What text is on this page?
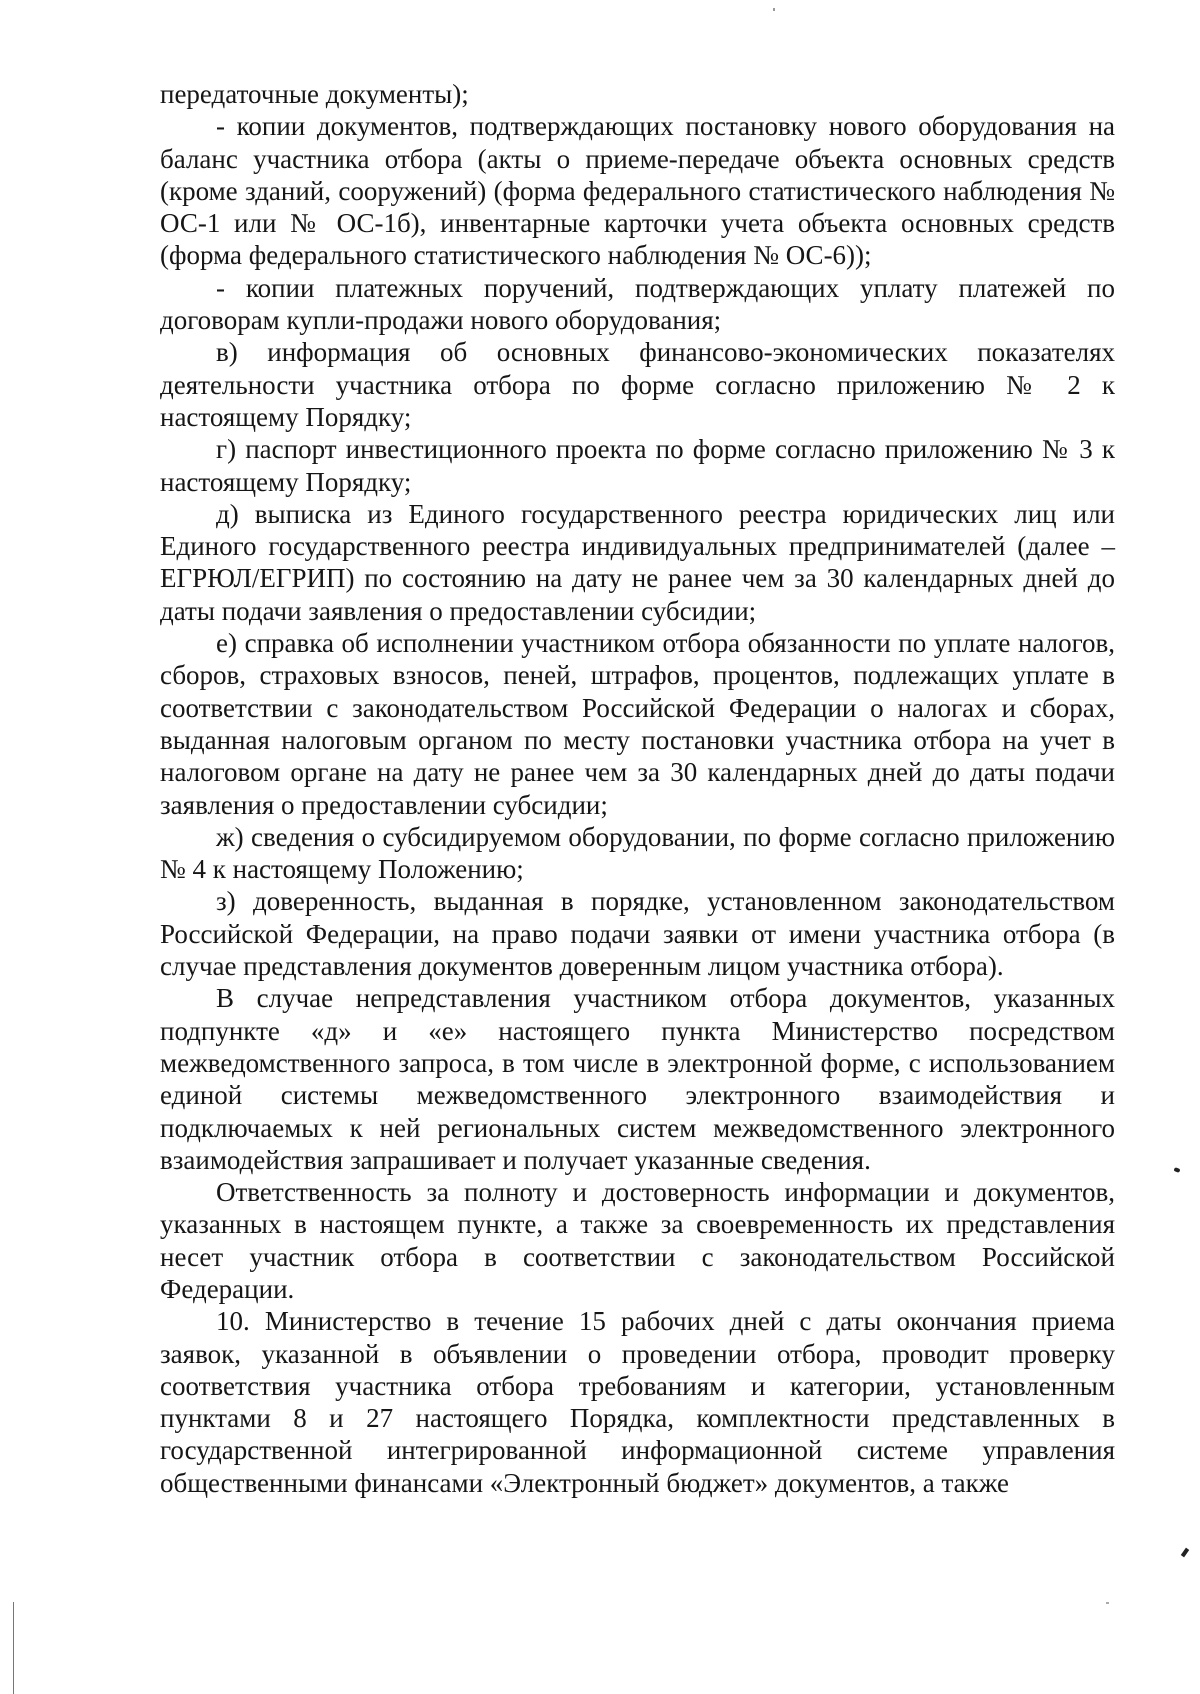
передаточные документы);

- копии документов, подтверждающих постановку нового оборудования на баланс участника отбора (акты о приеме-передаче объекта основных средств (кроме зданий, сооружений) (форма федерального статистического наблюдения № ОС-1 или № ОС-1б), инвентарные карточки учета объекта основных средств (форма федерального статистического наблюдения № ОС-6));

- копии платежных поручений, подтверждающих уплату платежей по договорам купли-продажи нового оборудования;

в) информация об основных финансово-экономических показателях деятельности участника отбора по форме согласно приложению № 2 к настоящему Порядку;

г) паспорт инвестиционного проекта по форме согласно приложению № 3 к настоящему Порядку;

д) выписка из Единого государственного реестра юридических лиц или Единого государственного реестра индивидуальных предпринимателей (далее – ЕГРЮЛ/ЕГРИП) по состоянию на дату не ранее чем за 30 календарных дней до даты подачи заявления о предоставлении субсидии;

е) справка об исполнении участником отбора обязанности по уплате налогов, сборов, страховых взносов, пеней, штрафов, процентов, подлежащих уплате в соответствии с законодательством Российской Федерации о налогах и сборах, выданная налоговым органом по месту постановки участника отбора на учет в налоговом органе на дату не ранее чем за 30 календарных дней до даты подачи заявления о предоставлении субсидии;

ж) сведения о субсидируемом оборудовании, по форме согласно приложению № 4 к настоящему Положению;

з) доверенность, выданная в порядке, установленном законодательством Российской Федерации, на право подачи заявки от имени участника отбора (в случае представления документов доверенным лицом участника отбора).

В случае непредставления участником отбора документов, указанных подпункте «д» и «е» настоящего пункта Министерство посредством межведомственного запроса, в том числе в электронной форме, с использованием единой системы межведомственного электронного взаимодействия и подключаемых к ней региональных систем межведомственного электронного взаимодействия запрашивает и получает указанные сведения.

Ответственность за полноту и достоверность информации и документов, указанных в настоящем пункте, а также за своевременность их представления несет участник отбора в соответствии с законодательством Российской Федерации.

10. Министерство в течение 15 рабочих дней с даты окончания приема заявок, указанной в объявлении о проведении отбора, проводит проверку соответствия участника отбора требованиям и категории, установленным пунктами 8 и 27 настоящего Порядка, комплектности представленных в государственной интегрированной информационной системе управления общественными финансами «Электронный бюджет» документов, а также
